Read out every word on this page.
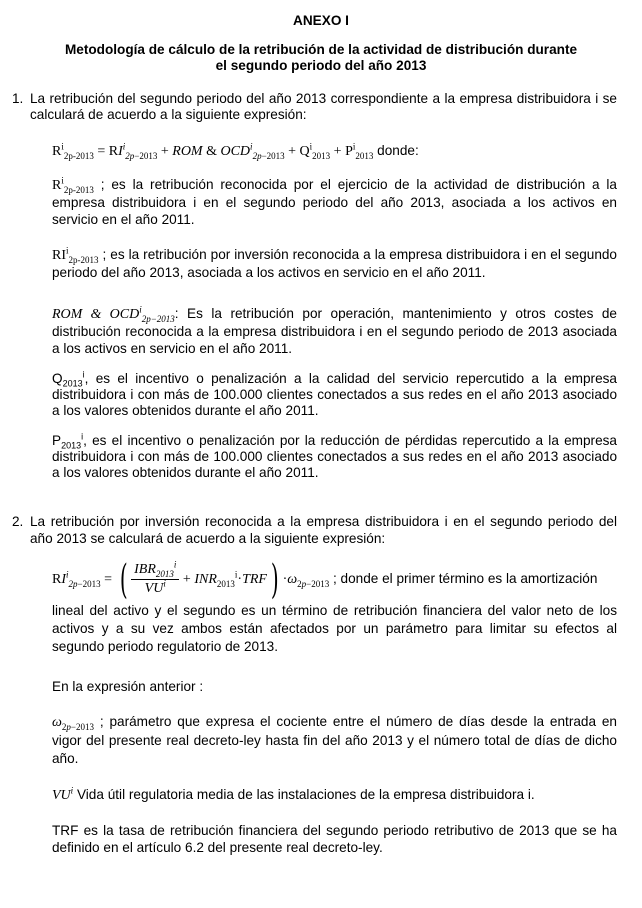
ANEXO I
Metodología de cálculo de la retribución de la actividad de distribución durante
el segundo periodo del año 2013
1. La retribución del segundo periodo del año 2013 correspondiente a la empresa distribuidora i se calculará de acuerdo a la siguiente expresión:
$R^i_{2p-2013} = RI^i_{2p-2013}$ + ROM & $OCD^i_{2p-2013} + Q^i_{2013} + P^i_{2013}$ donde:
$R^i_{2p-2013}$ ; es la retribución reconocida por el ejercicio de la actividad de distribución a la empresa distribuidora i en el segundo periodo del año 2013, asociada a los activos en servicio en el año 2011.
$RI^i_{2p-2013}$ ; es la retribución por inversión reconocida a la empresa distribuidora i en el segundo periodo del año 2013, asociada a los activos en servicio en el año 2011.
ROM & $OCD^i_{2p-2013}$: Es la retribución por operación, mantenimiento y otros costes de distribución reconocida a la empresa distribuidora i en el segundo periodo de 2013 asociada a los activos en servicio en el año 2011.
$Q_{2013}^i$, es el incentivo o penalización a la calidad del servicio repercutido a la empresa distribuidora i con más de 100.000 clientes conectados a sus redes en el año 2013 asociado a los valores obtenidos durante el año 2011.
$P_{2013}^i$, es el incentivo o penalización por la reducción de pérdidas repercutido a la empresa distribuidora i con más de 100.000 clientes conectados a sus redes en el año 2013 asociado a los valores obtenidos durante el año 2011.
2. La retribución por inversión reconocida a la empresa distribuidora i en el segundo periodo del año 2013 se calculará de acuerdo a la siguiente expresión:
$RI^i_{2p-2013}$ = ( $\frac{IBR_{2013}^i}{VU^i} + INR_{2013}^i\cdot TRF) \cdot\omega_{2p-2013}$ ; donde el primer término es la amortización
lineal del activo y el segundo es un término de retribución financiera del valor neto de los activos y a su vez ambos están afectados por un parámetro para limitar su efectos al segundo periodo regulatorio de 2013.
En la expresión anterior :
$\omega_{2p-2013}$ ; parámetro que expresa el cociente entre el número de días desde la entrada en vigor del presente real decreto-ley hasta fin del año 2013 y el número total de días de dicho año.
$VU^i$ Vida útil regulatoria media de las instalaciones de la empresa distribuidora i.
TRF es la tasa de retribución financiera del segundo periodo retributivo de 2013 que se ha definido en el artículo 6.2 del presente real decreto-ley.
